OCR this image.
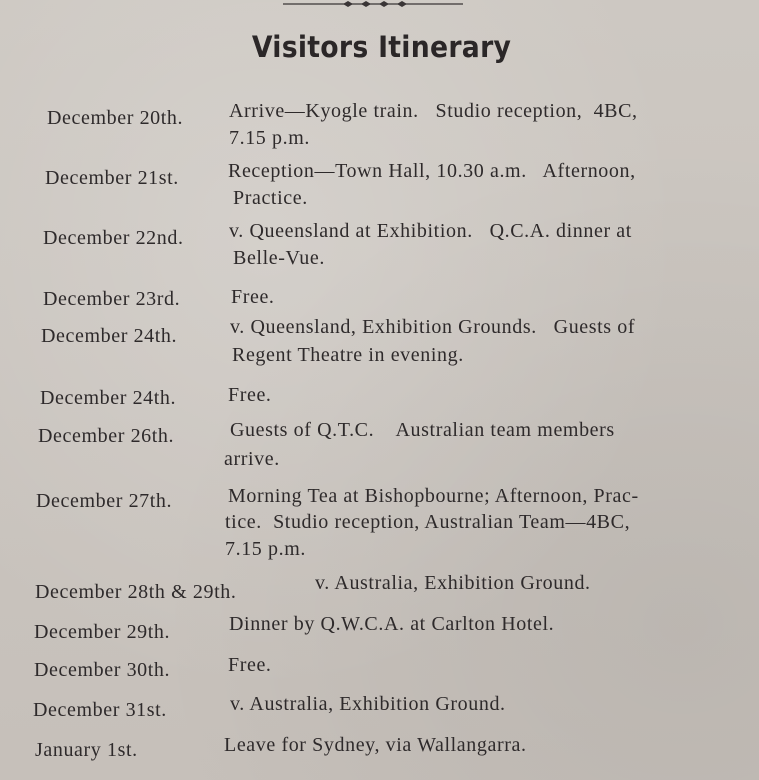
Visitors Itinerary
December 20th. Arrive—Kyogle train.   Studio reception,  4BC,
7.15 p.m.
December 21st. Reception—Town Hall, 10.30 a.m.   Afternoon,
Practice.
December 22nd. v. Queensland at Exhibition.   Q.C.A. dinner at
Belle-Vue.
December 23rd.	Free.
December 24th.	v. Queensland, Exhibition Grounds.   Guests of
Regent Theatre in evening.
December 24th.	Free.
December 26th.	Guests of Q.T.C.    Australian team members
arrive.
December 27th.	Morning Tea at Bishopbourne; Afternoon, Prac-
tice.  Studio reception, Australian Team—4BC,
7.15 p.m.
December 28th & 29th.	v. Australia, Exhibition Ground.
December 29th.	Dinner by Q.W.C.A. at Carlton Hotel.
December 30th.	Free.
December 31st.	v. Australia, Exhibition Ground.
January 1st.	Leave for Sydney, via Wallangarra.
